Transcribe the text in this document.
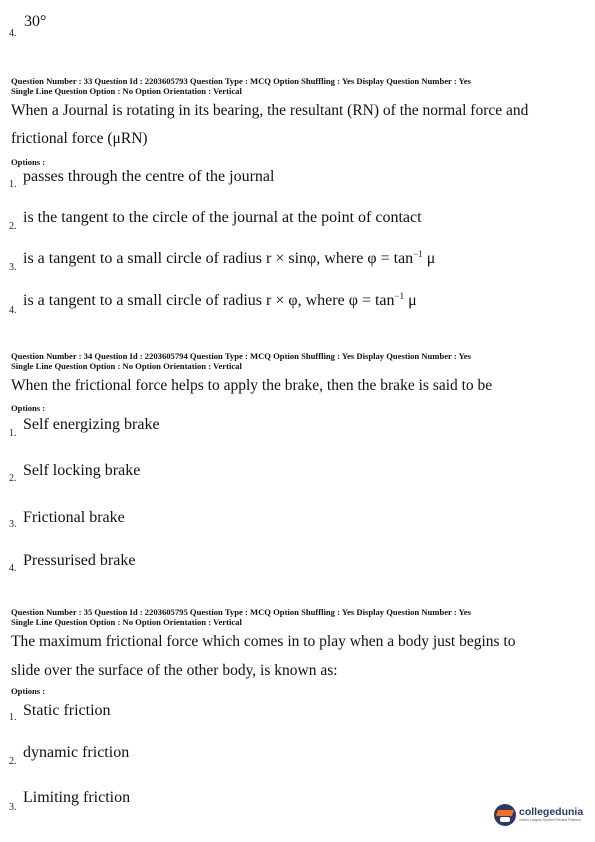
4.
30°
Question Number : 33 Question Id : 2203605793 Question Type : MCQ Option Shuffling : Yes Display Question Number : Yes
Single Line Question Option : No Option Orientation : Vertical
When a Journal is rotating in its bearing, the resultant (RN) of the normal force and
frictional force (μRN)
Options :
1. passes through the centre of the journal
2.
is the tangent to the circle of the journal at the point of contact
3.
is a tangent to a small circle of radius r × sinφ, where $\varphi = \tan^{-1} \mu$
4.
is a tangent to a small circle of radius r × φ, where $\varphi = \tan^{-1} \mu$
Question Number : 34 Question Id : 2203605794 Question Type : MCQ Option Shuffling : Yes Display Question Number : Yes
Single Line Question Option : No Option Orientation : Vertical
When the frictional force helps to apply the brake, then the brake is said to be
Options :
1.
Self energizing brake
2. Self locking brake
3. Frictional brake
4. Pressurised brake
Question Number : 35 Question Id : 2203605795 Question Type : MCQ Option Shuffling : Yes Display Question Number : Yes
Single Line Question Option : No Option Orientation : Vertical
The maximum frictional force which comes in to play when a body just begins to
slide over the surface of the other body, is known as:
Options :
1. Static friction
2.
dynamic friction
3.
Limiting friction
collegedunia
India's Largest Student Review Platform
